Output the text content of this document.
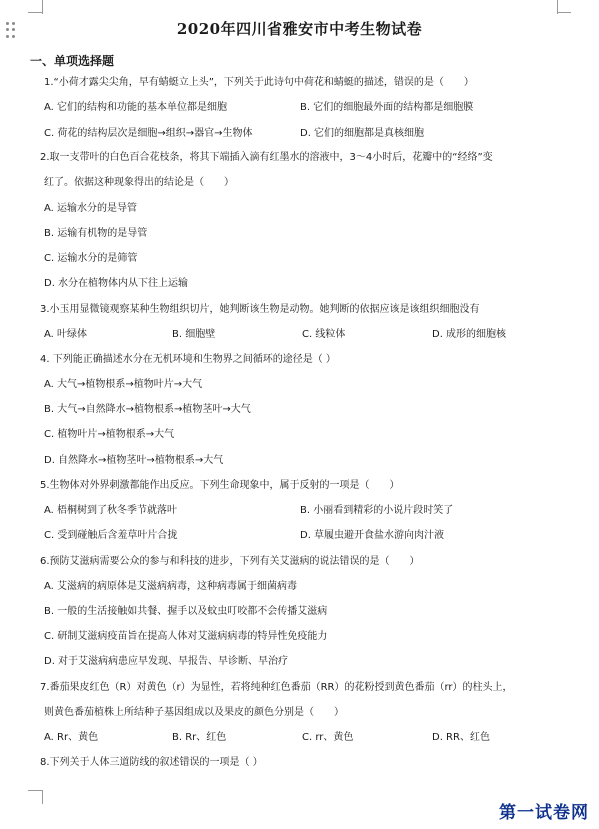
2020年四川省雅安市中考生物试卷
一、单项选择题
1.“小荷才露尖尖角，早有蜻蜓立上头”，下列关于此诗句中荷花和蜻蜓的描述，错误的是（　　）
A. 它们的结构和功能的基本单位都是细胞	B. 它们的细胞最外面的结构都是细胞膜
C. 荷花的结构层次是细胞→组织→器官→生物体	D. 它们的细胞都是真核细胞
2.取一支带叶的白色百合花枝条，将其下端插入滴有红墨水的溶液中，3～4小时后，花瓣中的“经络”变
红了。依据这种现象得出的结论是（　　）
A. 运输水分的是导管
B. 运输有机物的是导管
C. 运输水分的是筛管
D. 水分在植物体内从下往上运输
3.小玉用显微镜观察某种生物组织切片，她判断该生物是动物。她判断的依据应该是该组织细胞没有
A. 叶绿体	B. 细胞壁	C. 线粒体	D. 成形的细胞核
4. 下列能正确描述水分在无机环境和生物界之间循环的途径是（ ）
A. 大气→植物根系→植物叶片→大气
B. 大气→自然降水→植物根系→植物茎叶→大气
C. 植物叶片→植物根系→大气
D. 自然降水→植物茎叶→植物根系→大气
5.生物体对外界刺激都能作出反应。下列生命现象中，属于反射的一项是（　　）
A. 梧桐树到了秋冬季节就落叶	B. 小丽看到精彩的小说片段时笑了
C. 受到碰触后含羞草叶片合拢	D. 草履虫避开食盐水游向肉汁液
6.预防艾滋病需要公众的参与和科技的进步，下列有关艾滋病的说法错误的是（　　）
A. 艾滋病的病原体是艾滋病病毒，这种病毒属于细菌病毒
B. 一般的生活接触如共餐、握手以及蚊虫叮咬都不会传播艾滋病
C. 研制艾滋病疫苗旨在提高人体对艾滋病病毒的特异性免疫能力
D. 对于艾滋病病患应早发现、早报告、早诊断、早治疗
7.番茄果皮红色（R）对黄色（r）为显性，若将纯种红色番茄（RR）的花粉授到黄色番茄（rr）的柱头上，
则黄色番茄植株上所结种子基因组成以及果皮的颜色分别是（　　）
A. Rr、黄色	B. Rr、红色	C. rr、黄色	D. RR、红色
8.下列关于人体三道防线的叙述错误的一项是（ ）
第一试卷网
